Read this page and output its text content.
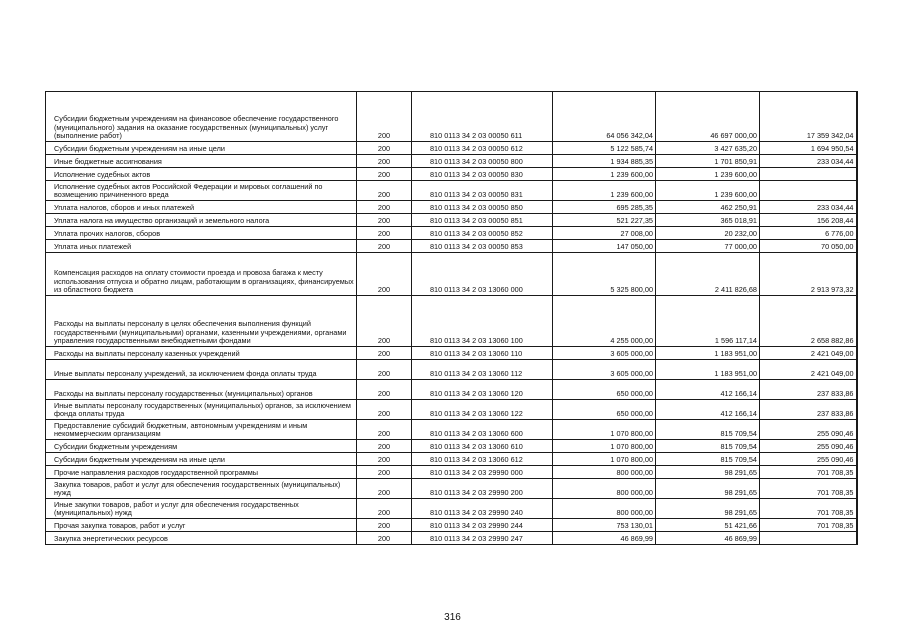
Субсидии бюджетным учреждениям на финансовое обеспечение государственного (муниципального) задания на оказание государственных (муниципальных) услуг (выполнение работ)	200	810 0113 34 2 03 00050 611	64 056 342,04	46 697 000,00	17 359 342,04
Субсидии бюджетным учреждениям на иные цели	200	810 0113 34 2 03 00050 612	5 122 585,74	3 427 635,20	1 694 950,54
Иные бюджетные ассигнования	200	810 0113 34 2 03 00050 800	1 934 885,35	1 701 850,91	233 034,44
Исполнение судебных актов	200	810 0113 34 2 03 00050 830	1 239 600,00	1 239 600,00	
Исполнение судебных актов Российской Федерации и мировых соглашений по возмещению причиненного вреда	200	810 0113 34 2 03 00050 831	1 239 600,00	1 239 600,00	
Уплата налогов, сборов и иных платежей	200	810 0113 34 2 03 00050 850	695 285,35	462 250,91	233 034,44
Уплата налога на имущество организаций и земельного налога	200	810 0113 34 2 03 00050 851	521 227,35	365 018,91	156 208,44
Уплата прочих налогов, сборов	200	810 0113 34 2 03 00050 852	27 008,00	20 232,00	6 776,00
Уплата иных платежей	200	810 0113 34 2 03 00050 853	147 050,00	77 000,00	70 050,00
Компенсация расходов на оплату стоимости проезда и провоза багажа к месту использования отпуска и обратно лицам, работающим в организациях, финансируемых из областного бюджета	200	810 0113 34 2 03 13060 000	5 325 800,00	2 411 826,68	2 913 973,32
Расходы на выплаты персоналу в целях обеспечения выполнения функций государственными (муниципальными) органами, казенными учреждениями, органами управления государственными внебюджетными фондами	200	810 0113 34 2 03 13060 100	4 255 000,00	1 596 117,14	2 658 882,86
Расходы на выплаты персоналу казенных учреждений	200	810 0113 34 2 03 13060 110	3 605 000,00	1 183 951,00	2 421 049,00
Иные выплаты персоналу учреждений, за исключением фонда оплаты труда	200	810 0113 34 2 03 13060 112	3 605 000,00	1 183 951,00	2 421 049,00
Расходы на выплаты персоналу государственных (муниципальных) органов	200	810 0113 34 2 03 13060 120	650 000,00	412 166,14	237 833,86
Иные выплаты персоналу государственных (муниципальных) органов, за исключением фонда оплаты труда	200	810 0113 34 2 03 13060 122	650 000,00	412 166,14	237 833,86
Предоставление субсидий бюджетным, автономным учреждениям и иным некоммерческим организациям	200	810 0113 34 2 03 13060 600	1 070 800,00	815 709,54	255 090,46
Субсидии бюджетным учреждениям	200	810 0113 34 2 03 13060 610	1 070 800,00	815 709,54	255 090,46
Субсидии бюджетным учреждениям на иные цели	200	810 0113 34 2 03 13060 612	1 070 800,00	815 709,54	255 090,46
Прочие направления расходов государственной программы	200	810 0113 34 2 03 29990 000	800 000,00	98 291,65	701 708,35
Закупка товаров, работ и услуг для обеспечения государственных (муниципальных) нужд	200	810 0113 34 2 03 29990 200	800 000,00	98 291,65	701 708,35
Иные закупки товаров, работ и услуг для обеспечения государственных (муниципальных) нужд	200	810 0113 34 2 03 29990 240	800 000,00	98 291,65	701 708,35
Прочая закупка товаров, работ и услуг	200	810 0113 34 2 03 29990 244	753 130,01	51 421,66	701 708,35
Закупка энергетических ресурсов	200	810 0113 34 2 03 29990 247	46 869,99	46 869,99	
316
